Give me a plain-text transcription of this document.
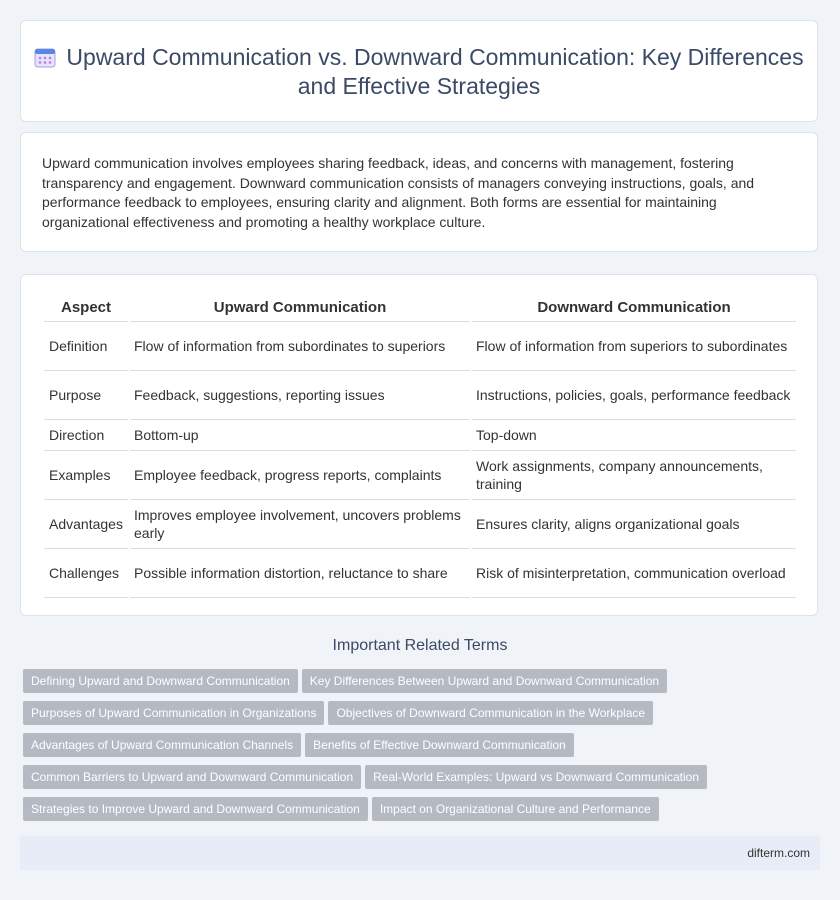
Upward Communication vs. Downward Communication: Key Differences and Effective Strategies
Upward communication involves employees sharing feedback, ideas, and concerns with management, fostering transparency and engagement. Downward communication consists of managers conveying instructions, goals, and performance feedback to employees, ensuring clarity and alignment. Both forms are essential for maintaining organizational effectiveness and promoting a healthy workplace culture.
Aspect	Upward Communication	Downward Communication
Definition	Flow of information from subordinates to superiors	Flow of information from superiors to subordinates
Purpose	Feedback, suggestions, reporting issues	Instructions, policies, goals, performance feedback
Direction	Bottom-up	Top-down
Examples	Employee feedback, progress reports, complaints	Work assignments, company announcements, training
Advantages	Improves employee involvement, uncovers problems early	Ensures clarity, aligns organizational goals
Challenges	Possible information distortion, reluctance to share	Risk of misinterpretation, communication overload
Important Related Terms
Defining Upward and Downward Communication Key Differences Between Upward and Downward Communication
Purposes of Upward Communication in Organizations Objectives of Downward Communication in the Workplace
Advantages of Upward Communication Channels Benefits of Effective Downward Communication
Common Barriers to Upward and Downward Communication Real-World Examples: Upward vs Downward Communication
Strategies to Improve Upward and Downward Communication Impact on Organizational Culture and Performance
difterm.com
